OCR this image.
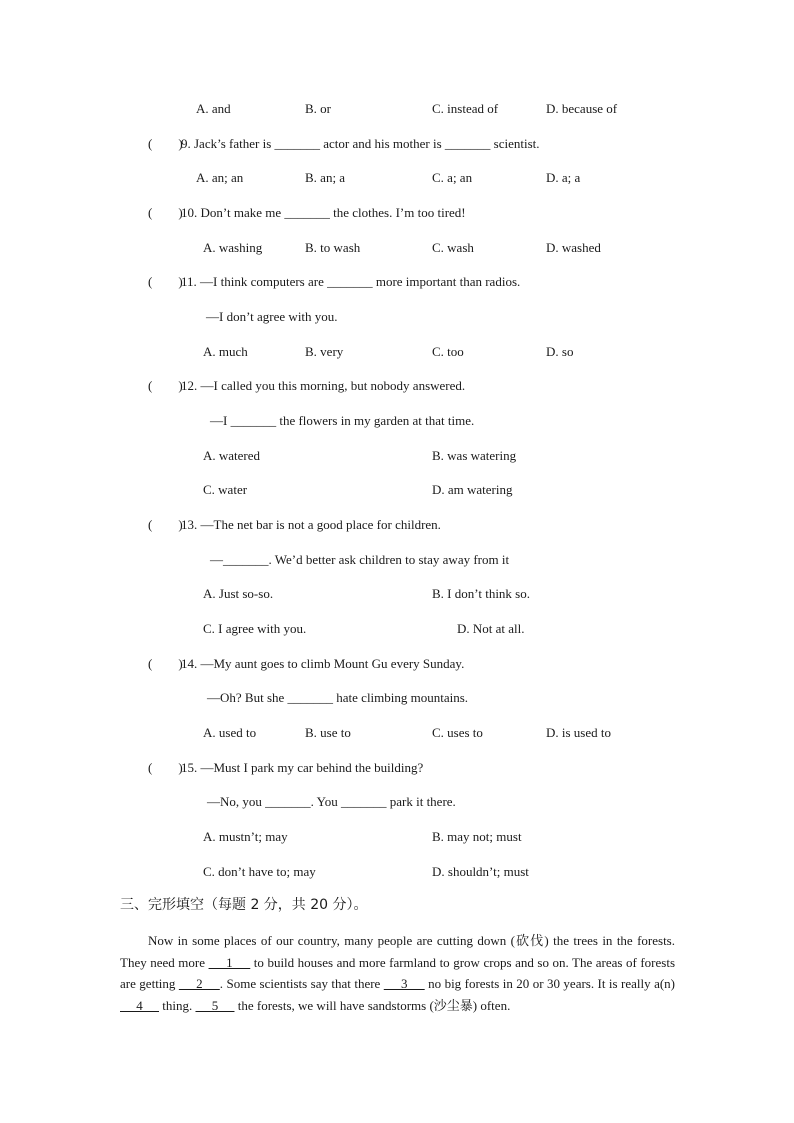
A. and	B. or	C. instead of	D. because of
(        )
9. Jack’s father is _______ actor and his mother is _______ scientist.
A. an; an	B. an; a	C. a; an	D. a; a
(        )
10. Don’t make me _______ the clothes. I’m too tired!
A. washing	B. to wash	C. wash	D. washed
(        )
11. —I think computers are _______ more important than radios.
—I don’t agree with you.
A. much	B. very	C. too	D. so
(        )
12. —I called you this morning, but nobody answered.
—I _______ the flowers in my garden at that time.
A. watered	B. was watering
C. water	D. am watering
(        )
13. —The net bar is not a good place for children.
—_______. We’d better ask children to stay away from it
A. Just so-so.	B. I don’t think so.
C. I agree with you.	D. Not at all.
(        )
14. —My aunt goes to climb Mount Gu every Sunday.
—Oh? But she _______ hate climbing mountains.
A. used to	B. use to	C. uses to	D. is used to
(        )
15. —Must I park my car behind the building?
—No, you _______. You _______ park it there.
A. mustn’t; may	B. may not; must
C. don’t have to; may	D. shouldn’t; must
三、完形填空（每题 2 分，共 20 分）。
Now in some places of our country, many people are cutting down (砍伐) the trees in the forests. They need more      1      to build houses and more farmland to grow crops and so on. The areas of forests are getting      2     . Some scientists say that there      3      no big forests in 20 or 30 years. It is really a(n)     4      thing.      5      the forests, we will have sandstorms (沙尘暴) often.
